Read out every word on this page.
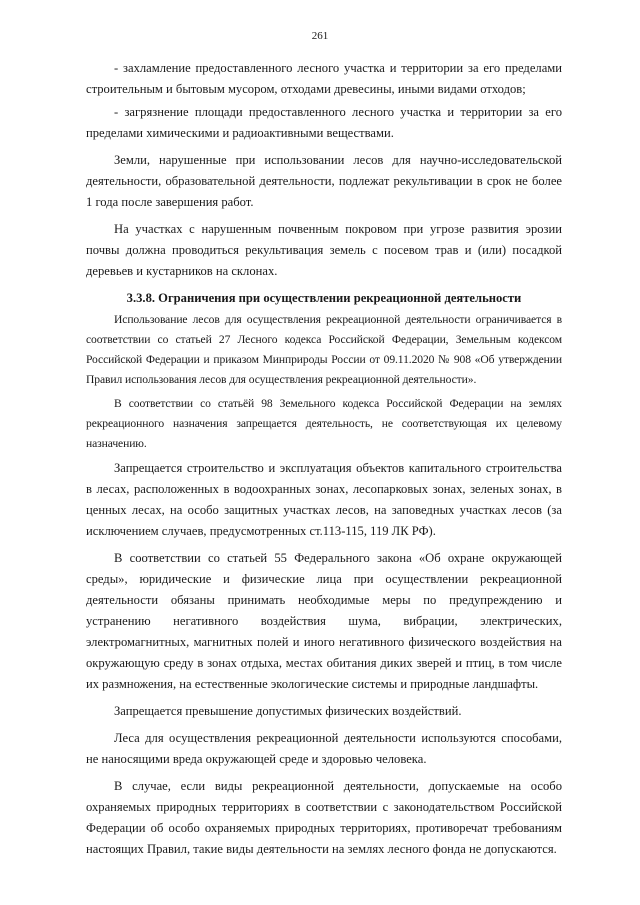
261

- захламление предоставленного лесного участка и территории за его пределами строительным и бытовым мусором, отходами древесины, иными видами отходов;

- загрязнение площади предоставленного лесного участка и территории за его пределами химическими и радиоактивными веществами.

Земли, нарушенные при использовании лесов для научно-исследовательской деятельности, образовательной деятельности, подлежат рекультивации в срок не более 1 года после завершения работ.

На участках с нарушенным почвенным покровом при угрозе развития эрозии почвы должна проводиться рекультивация земель с посевом трав и (или) посадкой деревьев и кустарников на склонах.

3.3.8. Ограничения при осуществлении рекреационной деятельности

Использование лесов для осуществления рекреационной деятельности ограничивается в соответствии со статьей 27 Лесного кодекса Российской Федерации, Земельным кодексом Российской Федерации и приказом Минприроды России от 09.11.2020 № 908 «Об утверждении Правил использования лесов для осуществления рекреационной деятельности».

В соответствии со статьёй 98 Земельного кодекса Российской Федерации на землях рекреационного назначения запрещается деятельность, не соответствующая их целевому назначению.

Запрещается строительство и эксплуатация объектов капитального строительства в лесах, расположенных в водоохранных зонах, лесопарковых зонах, зеленых зонах, в ценных лесах, на особо защитных участках лесов, на заповедных участках лесов (за исключением случаев, предусмотренных ст.113-115, 119 ЛК РФ).

В соответствии со статьей 55 Федерального закона «Об охране окружающей среды», юридические и физические лица при осуществлении рекреационной деятельности обязаны принимать необходимые меры по предупреждению и устранению негативного воздействия шума, вибрации, электрических, электромагнитных, магнитных полей и иного негативного физического воздействия на окружающую среду в зонах отдыха, местах обитания диких зверей и птиц, в том числе их размножения, на естественные экологические системы и природные ландшафты.

Запрещается превышение допустимых физических воздействий.

Леса для осуществления рекреационной деятельности используются способами, не наносящими вреда окружающей среде и здоровью человека.

В случае, если виды рекреационной деятельности, допускаемые на особо охраняемых природных территориях в соответствии с законодательством Российской Федерации об особо охраняемых природных территориях, противоречат требованиям настоящих Правил, такие виды деятельности на землях лесного фонда не допускаются.
